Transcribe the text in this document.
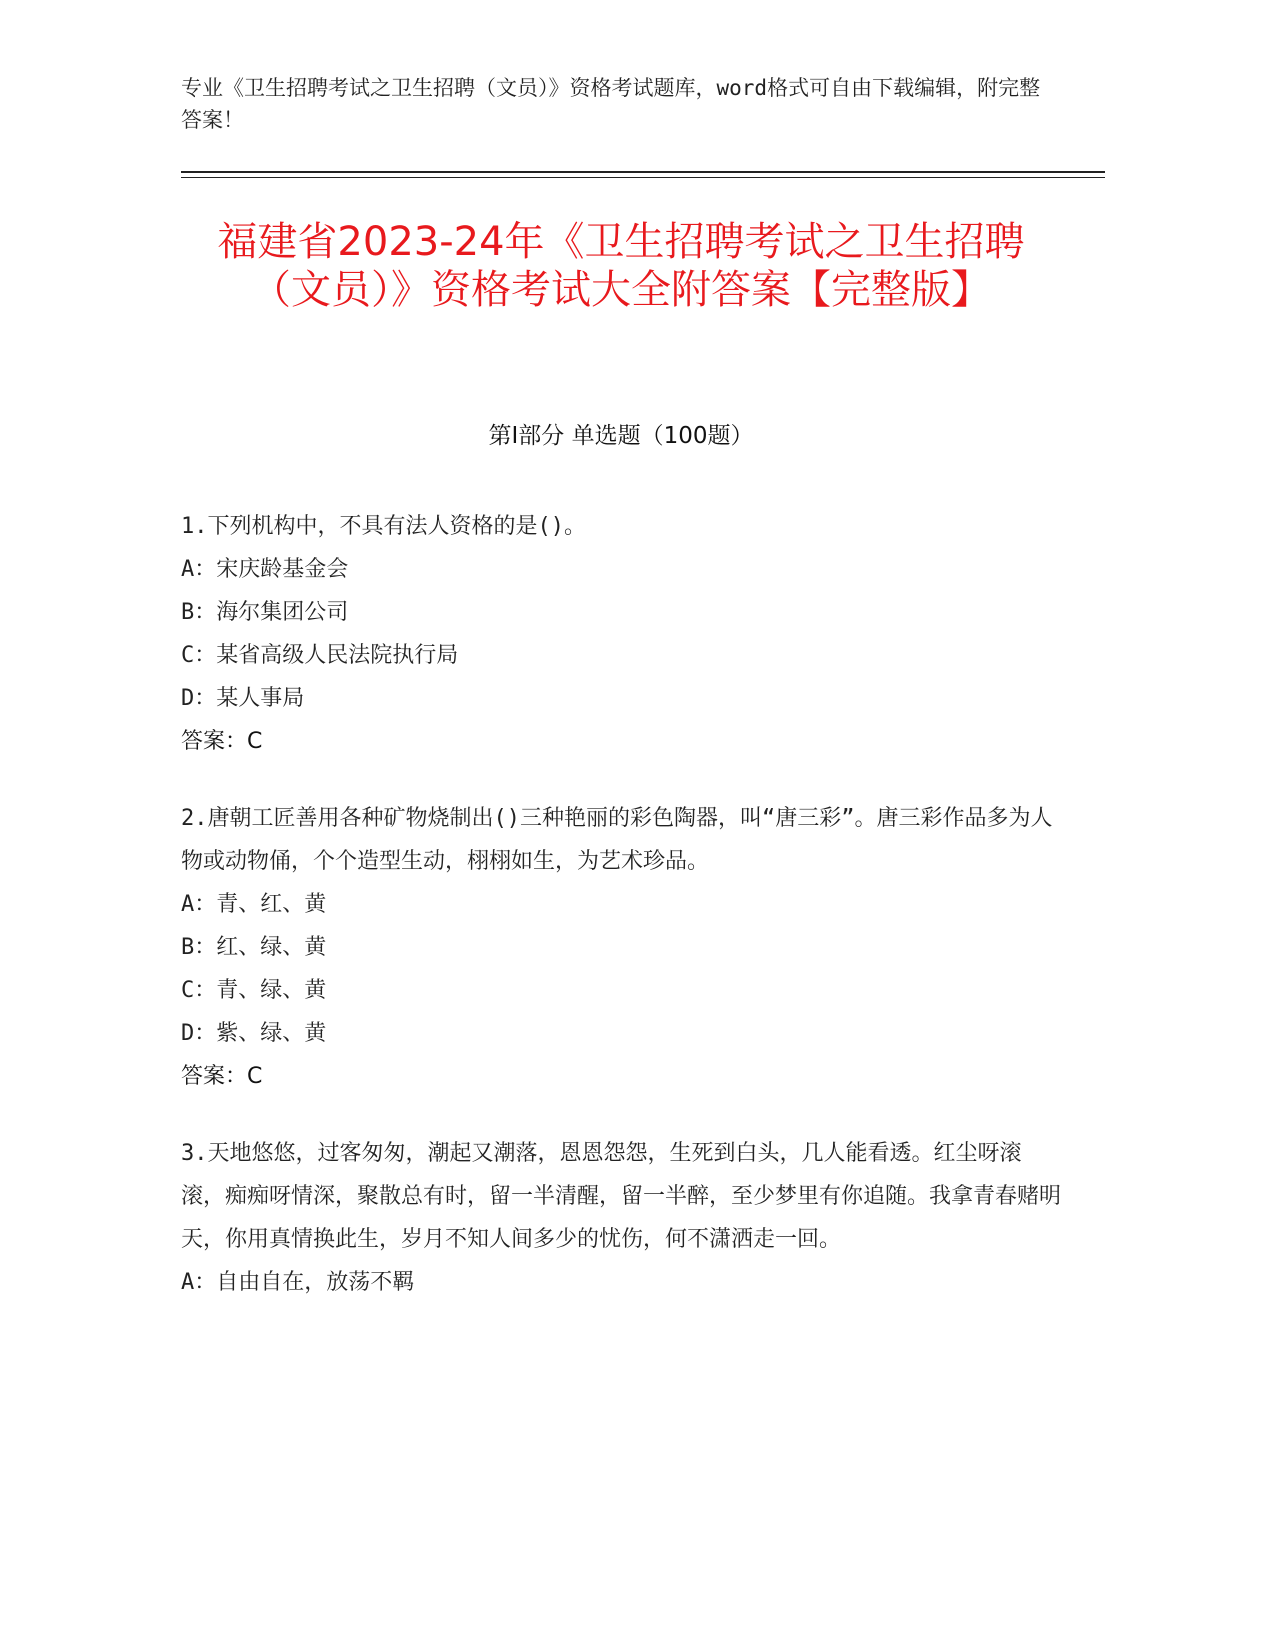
专业《卫生招聘考试之卫生招聘（文员）》资格考试题库，word格式可自由下载编辑，附完整答案！
福建省2023-24年《卫生招聘考试之卫生招聘（文员）》资格考试大全附答案【完整版】
第Ⅰ部分 单选题（100题）
1.下列机构中，不具有法人资格的是()。
A：宋庆龄基金会
B：海尔集团公司
C：某省高级人民法院执行局
D：某人事局
答案：C
2.唐朝工匠善用各种矿物烧制出()三种艳丽的彩色陶器，叫“唐三彩”。唐三彩作品多为人物或动物俑，个个造型生动，栩栩如生，为艺术珍品。
A：青、红、黄
B：红、绿、黄
C：青、绿、黄
D：紫、绿、黄
答案：C
3.天地悠悠，过客匆匆，潮起又潮落，恩恩怨怨，生死到白头，几人能看透。红尘呀滚滚，痴痴呀情深，聚散总有时，留一半清醒，留一半醉，至少梦里有你追随。我拿青春赌明天，你用真情换此生，岁月不知人间多少的忧伤，何不潇洒走一回。
A：自由自在，放荡不羁
